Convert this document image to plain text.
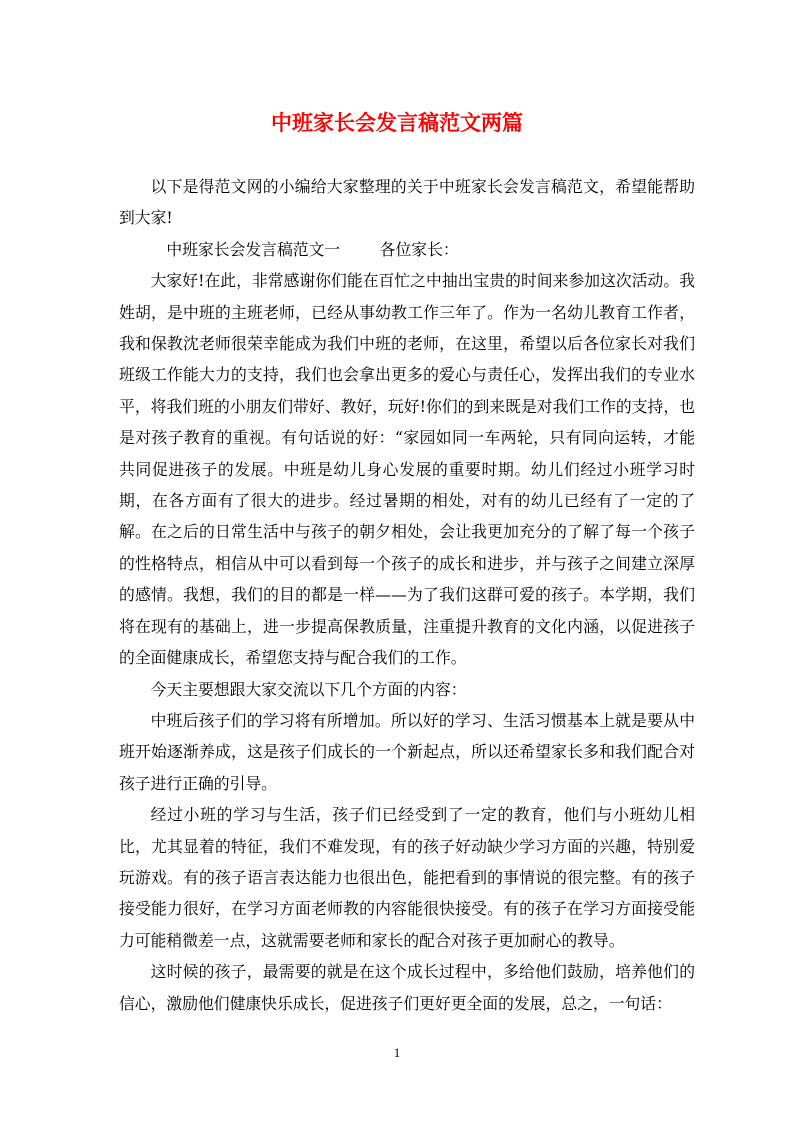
中班家长会发言稿范文两篇

以下是得范文网的小编给大家整理的关于中班家长会发言稿范文，希望能帮助到大家!

中班家长会发言稿范文一	各位家长：

大家好!在此，非常感谢你们能在百忙之中抽出宝贵的时间来参加这次活动。我姓胡，是中班的主班老师，已经从事幼教工作三年了。作为一名幼儿教育工作者，我和保教沈老师很荣幸能成为我们中班的老师，在这里，希望以后各位家长对我们班级工作能大力的支持，我们也会拿出更多的爱心与责任心，发挥出我们的专业水平，将我们班的小朋友们带好、教好，玩好!你们的到来既是对我们工作的支持，也是对孩子教育的重视。有句话说的好：“家园如同一车两轮，只有同向运转，才能共同促进孩子的发展。中班是幼儿身心发展的重要时期。幼儿们经过小班学习时期，在各方面有了很大的进步。经过暑期的相处，对有的幼儿已经有了一定的了解。在之后的日常生活中与孩子的朝夕相处，会让我更加充分的了解了每一个孩子的性格特点，相信从中可以看到每一个孩子的成长和进步，并与孩子之间建立深厚的感情。我想，我们的目的都是一样——为了我们这群可爱的孩子。本学期，我们将在现有的基础上，进一步提高保教质量，注重提升教育的文化内涵，以促进孩子的全面健康成长，希望您支持与配合我们的工作。

今天主要想跟大家交流以下几个方面的内容：

中班后孩子们的学习将有所增加。所以好的学习、生活习惯基本上就是要从中班开始逐渐养成，这是孩子们成长的一个新起点，所以还希望家长多和我们配合对孩子进行正确的引导。

经过小班的学习与生活，孩子们已经受到了一定的教育，他们与小班幼儿相比，尤其显着的特征，我们不难发现，有的孩子好动缺少学习方面的兴趣，特别爱玩游戏。有的孩子语言表达能力也很出色，能把看到的事情说的很完整。有的孩子接受能力很好，在学习方面老师教的内容能很快接受。有的孩子在学习方面接受能力可能稍微差一点，这就需要老师和家长的配合对孩子更加耐心的教导。

这时候的孩子，最需要的就是在这个成长过程中，多给他们鼓励，培养他们的信心，激励他们健康快乐成长，促进孩子们更好更全面的发展，总之，一句话：

1
